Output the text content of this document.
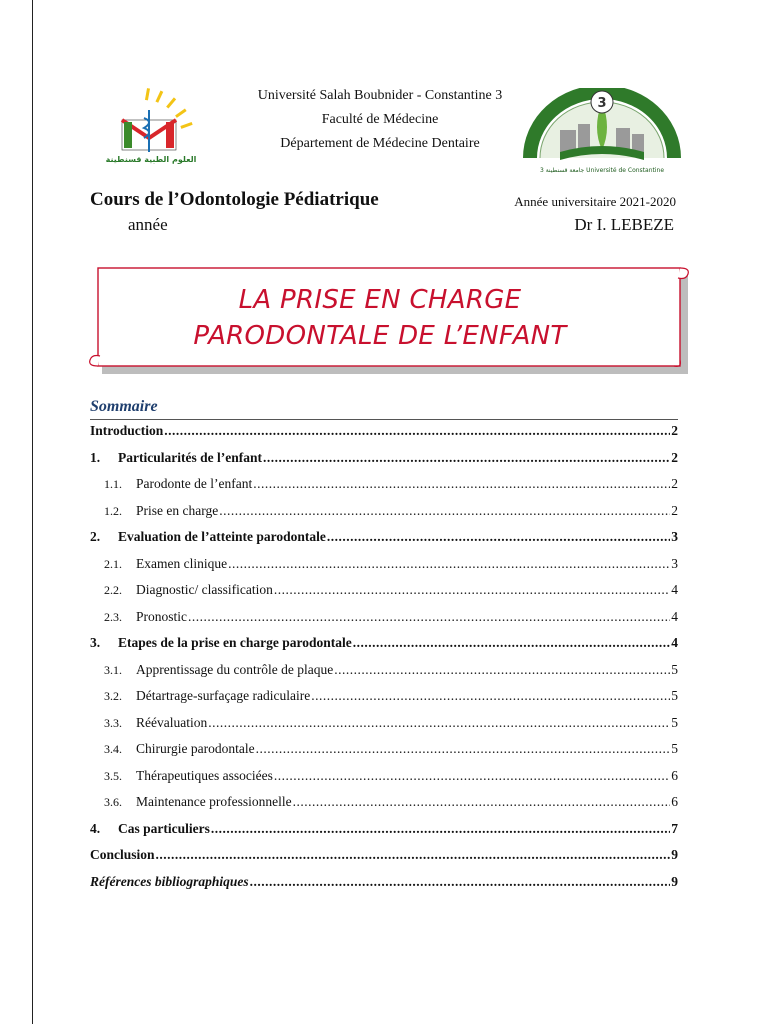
العلوم الطبية قسنطينة
Université Salah Boubnider - Constantine 3
Faculté de Médecine
Département de Médecine Dentaire
3
جامعة قسنطينة 3 Université de Constantine
Cours de l’Odontologie Pédiatrique	Année universitaire 2021-2020
année	Dr I. LEBEZE
LA PRISE EN CHARGE
PARODONTALE DE L’ENFANT
Sommaire
Introduction .....	2
1.	Particularités de l’enfant .....	2
1.1.	Parodonte de l’enfant .....	2
1.2.	Prise en charge .....	2
2.	Evaluation de l’atteinte parodontale .....	3
2.1.	Examen clinique .....	3
2.2.	Diagnostic/ classification .....	4
2.3.	Pronostic .....	4
3.	Etapes de la prise en charge parodontale .....	4
3.1.	Apprentissage du contrôle de plaque .....	5
3.2.	Détartrage-surfaçage radiculaire .....	5
3.3.	Réévaluation .....	5
3.4.	Chirurgie parodontale .....	5
3.5.	Thérapeutiques associées .....	6
3.6.	Maintenance professionnelle .....	6
4.	Cas particuliers .....	7
Conclusion .....	9
Références bibliographiques .....	9
